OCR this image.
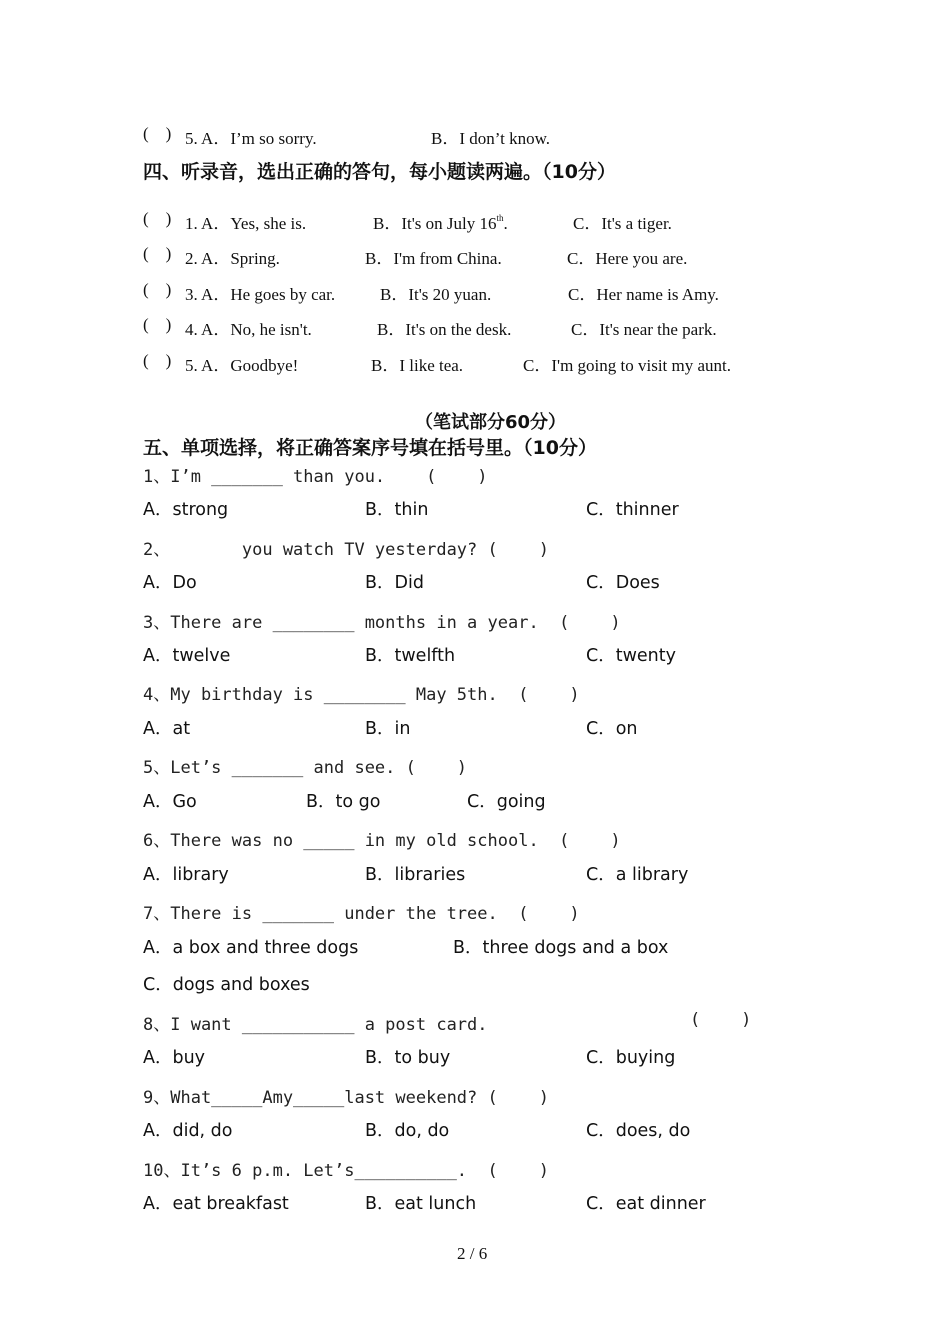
(    ) 5. A．I’m so sorry.	B．I don’t know.
四、听录音，选出正确的答句，每小题读两遍。（10分）
(    ) 1. A．Yes, she is.	B．It's on July 16th.	C．It's a tiger.
(    ) 2. A．Spring.	B．I'm from China.	C．Here you are.
(    ) 3. A．He goes by car.	B．It's 20 yuan.	C．Her name is Amy.
(    ) 4. A．No, he isn't.	B．It's on the desk.	C．It's near the park.
(    ) 5. A．Goodbye!	B．I like tea.	C．I'm going to visit my aunt.
（笔试部分60分）
五、单项选择，将正确答案序号填在括号里。（10分）
1、I’m _______ than you.    (    )
A．strong	B．thin	C．thinner
2、       you watch TV yesterday? (    )
A．Do	B．Did	C．Does
3、There are ________ months in a year.  (    )
A．twelve	B．twelfth	C．twenty
4、My birthday is ________ May 5th.  (    )
A．at	B．in	C．on
5、Let’s _______ and see. (    )
A．Go	B．to go	C．going
6、There was no _____ in my old school.  (    )
A．library	B．libraries	C．a library
7、There is _______ under the tree.  (    )
A．a box and three dogs	B．three dogs and a box
C．dogs and boxes
8、I want ___________ a post card.	(    )
A．buy	B．to buy	C．buying
9、What_____Amy_____last weekend? (    )
A．did, do	B．do, do	C．does, do
10、It’s 6 p.m. Let’s__________.  (    )
A．eat breakfast	B．eat lunch	C．eat dinner
2 / 6
